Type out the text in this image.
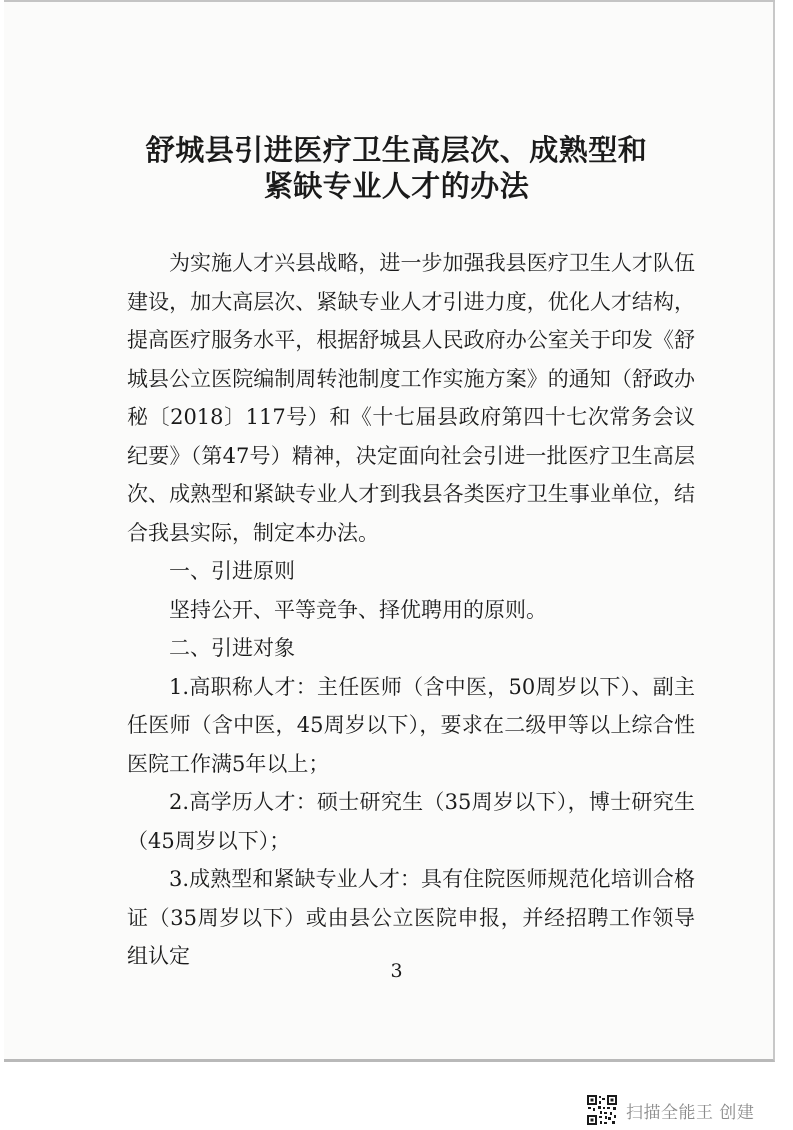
舒城县引进医疗卫生高层次、成熟型和
紧缺专业人才的办法

为实施人才兴县战略，进一步加强我县医疗卫生人才队伍建设，加大高层次、紧缺专业人才引进力度，优化人才结构，提高医疗服务水平，根据舒城县人民政府办公室关于印发《舒城县公立医院编制周转池制度工作实施方案》的通知（舒政办秘〔2018〕117号）和《十七届县政府第四十七次常务会议纪要》（第47号）精神，决定面向社会引进一批医疗卫生高层次、成熟型和紧缺专业人才到我县各类医疗卫生事业单位，结合我县实际，制定本办法。

一、引进原则

坚持公开、平等竞争、择优聘用的原则。

二、引进对象

1.高职称人才：主任医师（含中医，50周岁以下）、副主任医师（含中医，45周岁以下），要求在二级甲等以上综合性医院工作满5年以上；

2.高学历人才：硕士研究生（35周岁以下），博士研究生（45周岁以下）；

3.成熟型和紧缺专业人才：具有住院医师规范化培训合格证（35周岁以下）或由县公立医院申报，并经招聘工作领导组认定

3
扫描全能王 创建
